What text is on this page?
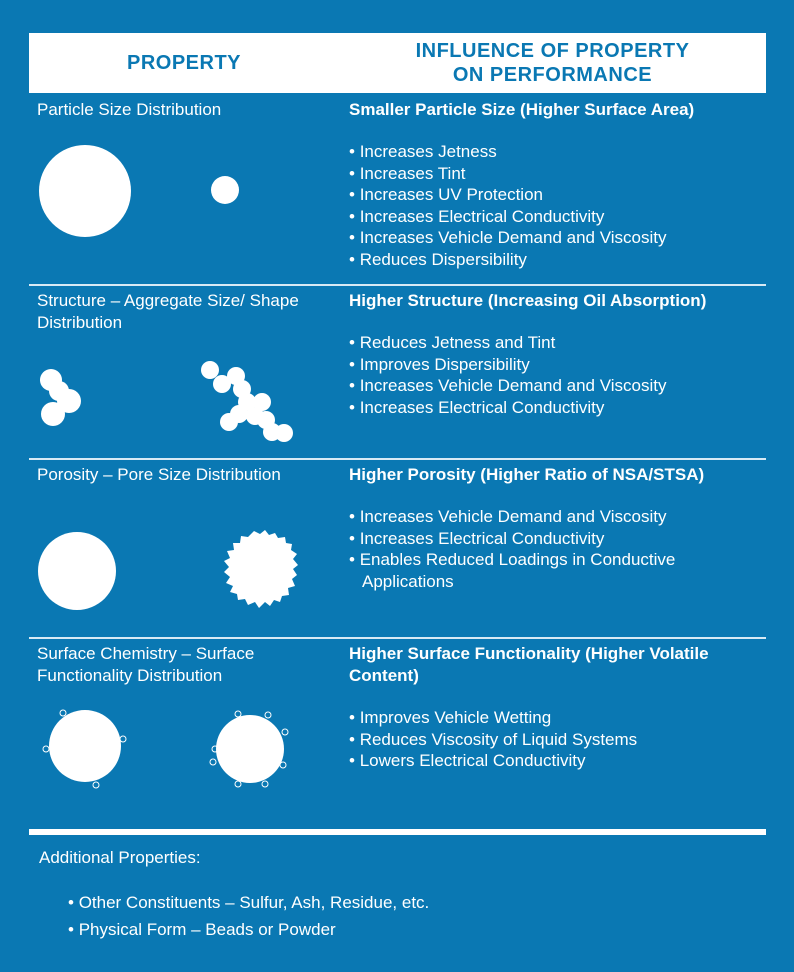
PROPERTY
INFLUENCE OF PROPERTY
ON PERFORMANCE
Particle Size Distribution	Smaller Particle Size (Higher Surface Area)
• Increases Jetness
• Increases Tint
• Increases UV Protection
• Increases Electrical Conductivity
• Increases Vehicle Demand and Viscosity
• Reduces Dispersibility
Structure – Aggregate Size/ Shape Distribution
Higher Structure (Increasing Oil Absorption)
• Reduces Jetness and Tint
• Improves Dispersibility
• Increases Vehicle Demand and Viscosity
• Increases Electrical Conductivity
Porosity – Pore Size Distribution	Higher Porosity (Higher Ratio of NSA/STSA)
• Increases Vehicle Demand and Viscosity
• Increases Electrical Conductivity
• Enables Reduced Loadings in Conductive Applications
Surface Chemistry – Surface Functionality Distribution
Higher Surface Functionality (Higher Volatile Content)
• Improves Vehicle Wetting
• Reduces Viscosity of Liquid Systems
• Lowers Electrical Conductivity
Additional Properties:
• Other Constituents – Sulfur, Ash, Residue, etc.
• Physical Form – Beads or Powder
